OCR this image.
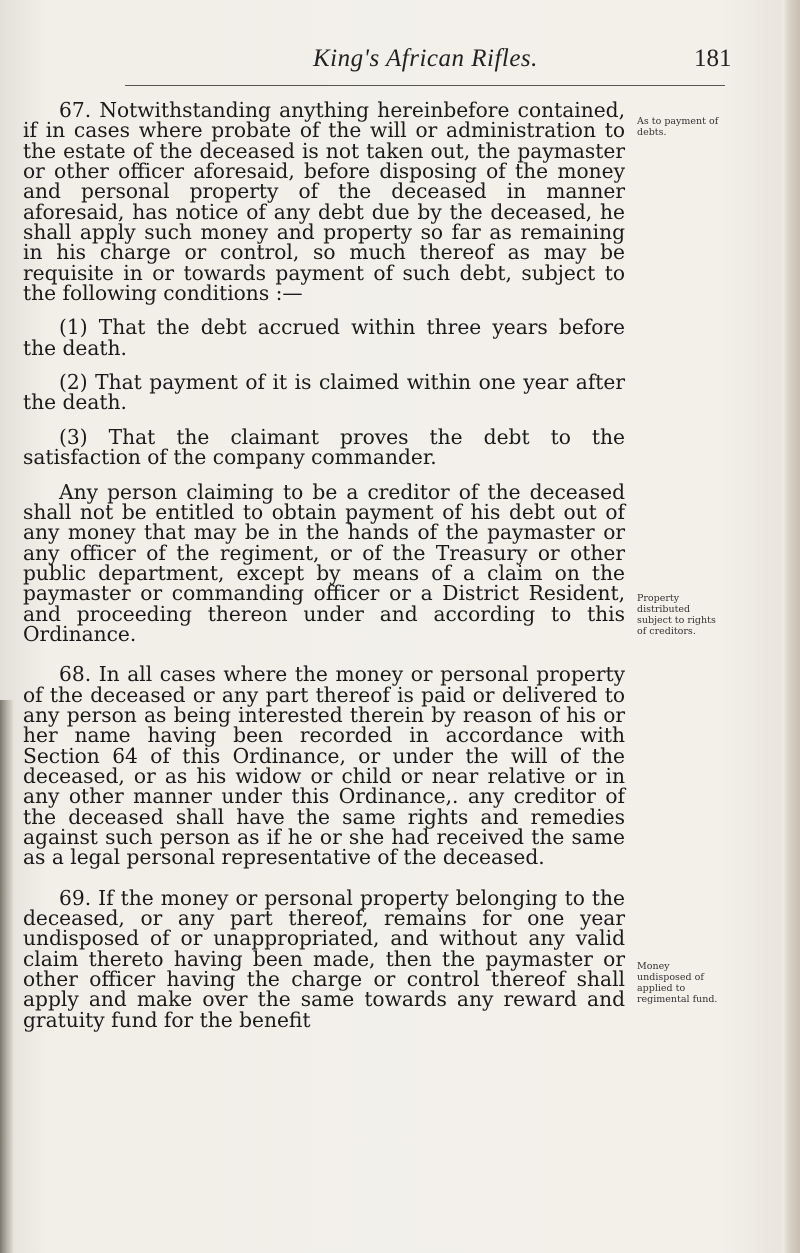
King's African Rifles.	181

67. Notwithstanding anything hereinbefore contained, if in cases where probate of the will or administration to the estate of the deceased is not taken out, the paymaster or other officer aforesaid, before disposing of the money and personal property of the deceased in manner aforesaid, has notice of any debt due by the deceased, he shall apply such money and property so far as remaining in his charge or control, so much thereof as may be requisite in or towards payment of such debt, subject to the following conditions :—

(1) That the debt accrued within three years before the death.

(2) That payment of it is claimed within one year after the death.

(3) That the claimant proves the debt to the satisfaction of the company commander.

Any person claiming to be a creditor of the deceased shall not be entitled to obtain payment of his debt out of any money that may be in the hands of the paymaster or any officer of the regiment, or of the Treasury or other public department, except by means of a claim on the paymaster or commanding officer or a District Resident, and proceeding thereon under and according to this Ordinance.

68. In all cases where the money or personal property of the deceased or any part thereof is paid or delivered to any person as being interested therein by reason of his or her name having been recorded in accordance with Section 64 of this Ordinance, or under the will of the deceased, or as his widow or child or near relative or in any other manner under this Ordinance,. any creditor of the deceased shall have the same rights and remedies against such person as if he or she had received the same as a legal personal representative of the deceased.

69. If the money or personal property belonging to the deceased, or any part thereof, remains for one year undisposed of or unappropriated, and without any valid claim thereto having been made, then the paymaster or other officer having the charge or control thereof shall apply and make over the same towards any reward and gratuity fund for the benefit

As to payment of debts.
Property distributed subject to rights of creditors.
Money undisposed of applied to regimental fund.
